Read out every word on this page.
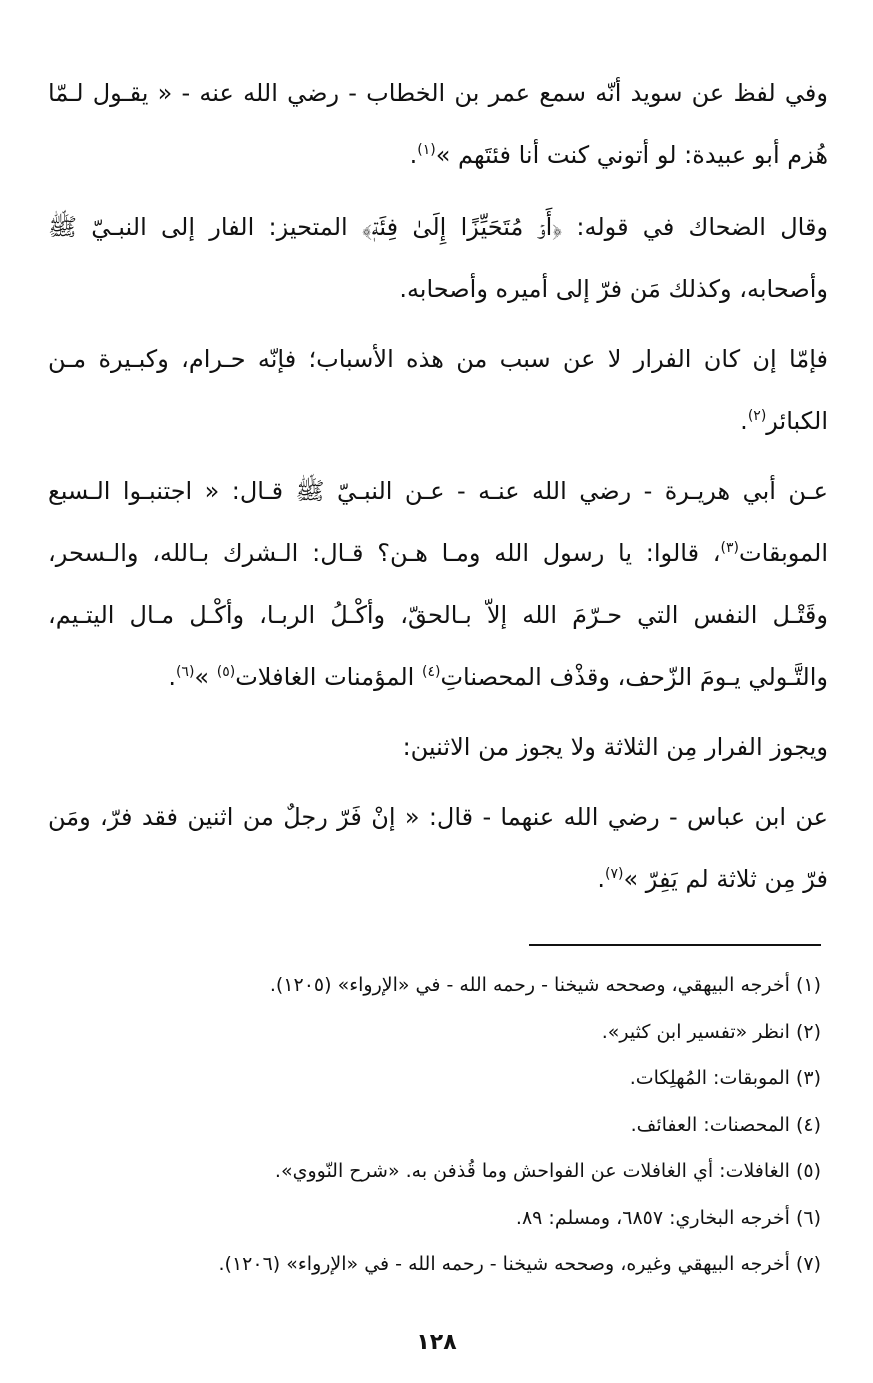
وفي لفظ عن سويد أنّه سمع عمر بن الخطاب - رضي الله عنه - « يقـول لـمّا هُزم أبو عبيدة: لو أتوني كنت أنا فئتَهم »$^{(١)}$.

وقال الضحاك في قوله: ﴿أَوۡ مُتَحَيِّزًا إِلَىٰ فِئَةٖ﴾ المتحيز: الفار إلى النبـيّ ﷺ وأصحابه، وكذلك مَن فرّ إلى أميره وأصحابه.

فإمّا إن كان الفرار لا عن سبب من هذه الأسباب؛ فإنّه حـرام، وكبـيرة مـن الكبائر$^{(٢)}$.

عـن أبي هريـرة - رضي الله عنـه - عـن النبـيّ ﷺ قـال: « اجتنبـوا الـسبع الموبقات$^{(٣)}$، قالوا: يا رسول الله ومـا هـن؟ قـال: الـشرك بـالله، والـسحر، وقَتْـل النفس التي حـرّمَ الله إلاّ بـالحقّ، وأكْـلُ الربـا، وأكْـل مـال اليتـيم، والتَّـولي يـومَ الزّحف، وقذْف المحصناتِ$^{(٤)}$ المؤمنات الغافلات$^{(٥)}$ »$^{(٦)}$.

ويجوز الفرار مِن الثلاثة ولا يجوز من الاثنين:

عن ابن عباس - رضي الله عنهما - قال: « إنْ فَرّ رجلٌ من اثنين فقد فرّ، ومَن فرّ مِن ثلاثة لم يَفِرّ »$^{(٧)}$.

(١) أخرجه البيهقي، وصححه شيخنا - رحمه الله - في «الإرواء» (١٢٠٥).
(٢) انظر «تفسير ابن كثير».
(٣) الموبقات: المُهلِكات.
(٤) المحصنات: العفائف.
(٥) الغافلات: أي الغافلات عن الفواحش وما قُذفن به. «شرح النّووي».
(٦) أخرجه البخاري: ٦٨٥٧، ومسلم: ٨٩.
(٧) أخرجه البيهقي وغيره، وصححه شيخنا - رحمه الله - في «الإرواء» (١٢٠٦).
١٢٨
